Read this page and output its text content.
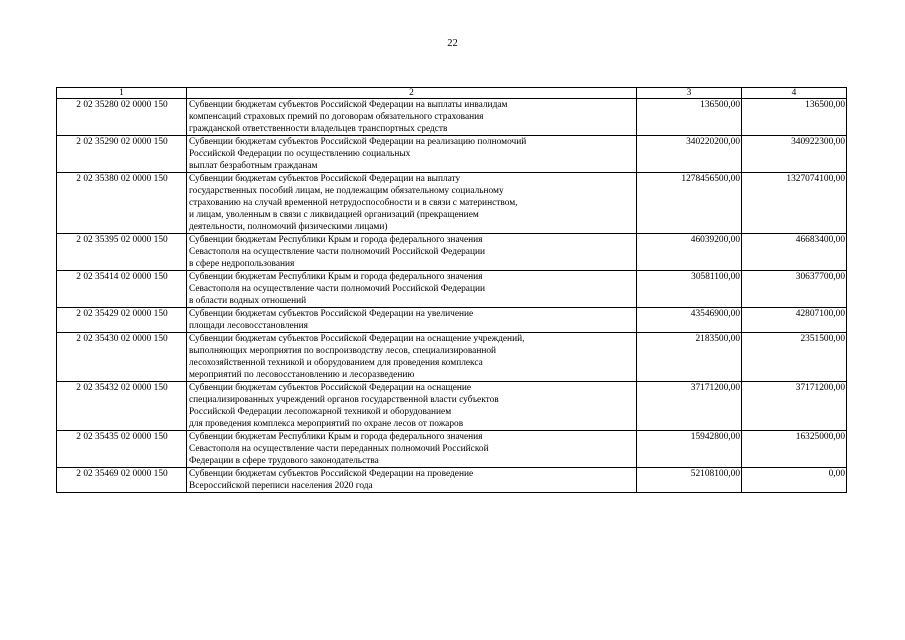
22
1	2	3	4
2 02 35280 02 0000 150	Субвенции бюджетам субъектов Российской Федерации на выплаты инвалидам
компенсаций страховых премий по договорам обязательного страхования
гражданской ответственности владельцев транспортных средств	136500,00	136500,00
2 02 35290 02 0000 150	Субвенции бюджетам субъектов Российской Федерации на реализацию полномочий
Российской Федерации по осуществлению социальных
выплат безработным гражданам	340220200,00	340922300,00
2 02 35380 02 0000 150	Субвенции бюджетам субъектов Российской Федерации на выплату
государственных пособий лицам, не подлежащим обязательному социальному
страхованию на случай временной нетрудоспособности и в связи с материнством,
и лицам, уволенным в связи с ликвидацией организаций (прекращением
деятельности, полномочий физическими лицами)	1278456500,00	1327074100,00
2 02 35395 02 0000 150	Субвенции бюджетам Республики Крым и города федерального значения
Севастополя на осуществление части полномочий Российской Федерации
в сфере недропользования	46039200,00	46683400,00
2 02 35414 02 0000 150	Субвенции бюджетам Республики Крым и города федерального значения
Севастополя на осуществление части полномочий Российской Федерации
в области водных отношений	30581100,00	30637700,00
2 02 35429 02 0000 150	Субвенции бюджетам субъектов Российской Федерации на увеличение
площади лесовосстановления	43546900,00	42807100,00
2 02 35430 02 0000 150	Субвенции бюджетам субъектов Российской Федерации на оснащение учреждений,
выполняющих мероприятия по воспроизводству лесов, специализированной
лесохозяйственной техникой и оборудованием для проведения комплекса
мероприятий по лесовосстановлению и лесоразведению	2183500,00	2351500,00
2 02 35432 02 0000 150	Субвенции бюджетам субъектов Российской Федерации на оснащение
специализированных учреждений органов государственной власти субъектов
Российской Федерации лесопожарной техникой и оборудованием
для проведения комплекса мероприятий по охране лесов от пожаров	37171200,00	37171200,00
2 02 35435 02 0000 150	Субвенции бюджетам Республики Крым и города федерального значения
Севастополя на осуществление части переданных полномочий Российской
Федерации в сфере трудового законодательства	15942800,00	16325000,00
2 02 35469 02 0000 150	Субвенции бюджетам субъектов Российской Федерации на проведение
Всероссийской переписи населения 2020 года	52108100,00	0,00
